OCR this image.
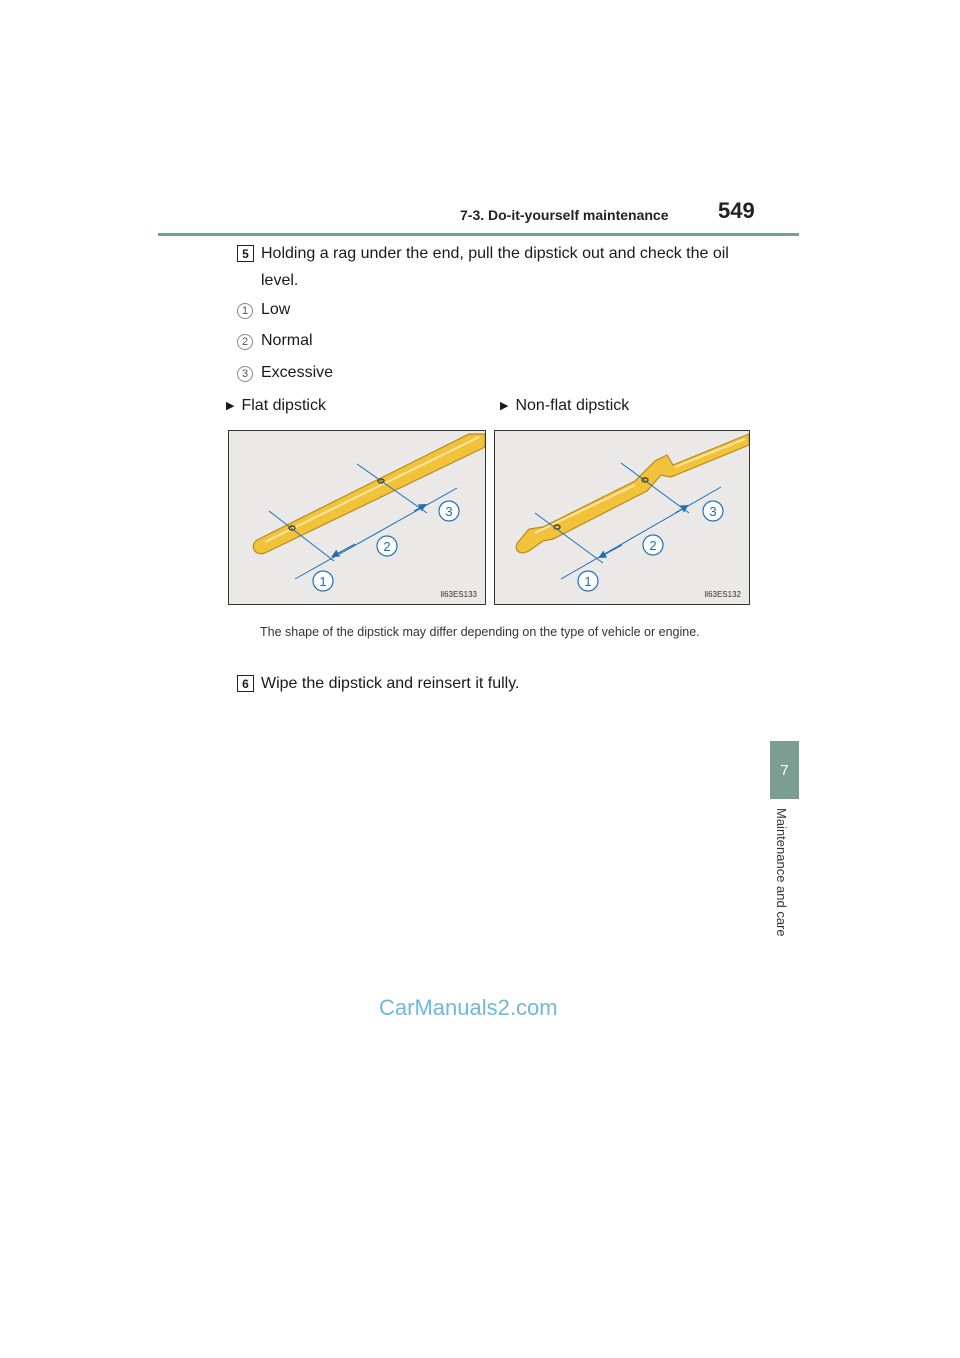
7-3. Do-it-yourself maintenance 549
7
Maintenance and care
5 Holding a rag under the end, pull the dipstick out and check the oil level.
1 Low
2 Normal
3 Excessive
▶ Flat dipstick	▶ Non-flat dipstick
1
2
3
ll63ES133
1
2
3
ll63ES132
The shape of the dipstick may differ depending on the type of vehicle or engine.
6 Wipe the dipstick and reinsert it fully.
CarManuals2.com
